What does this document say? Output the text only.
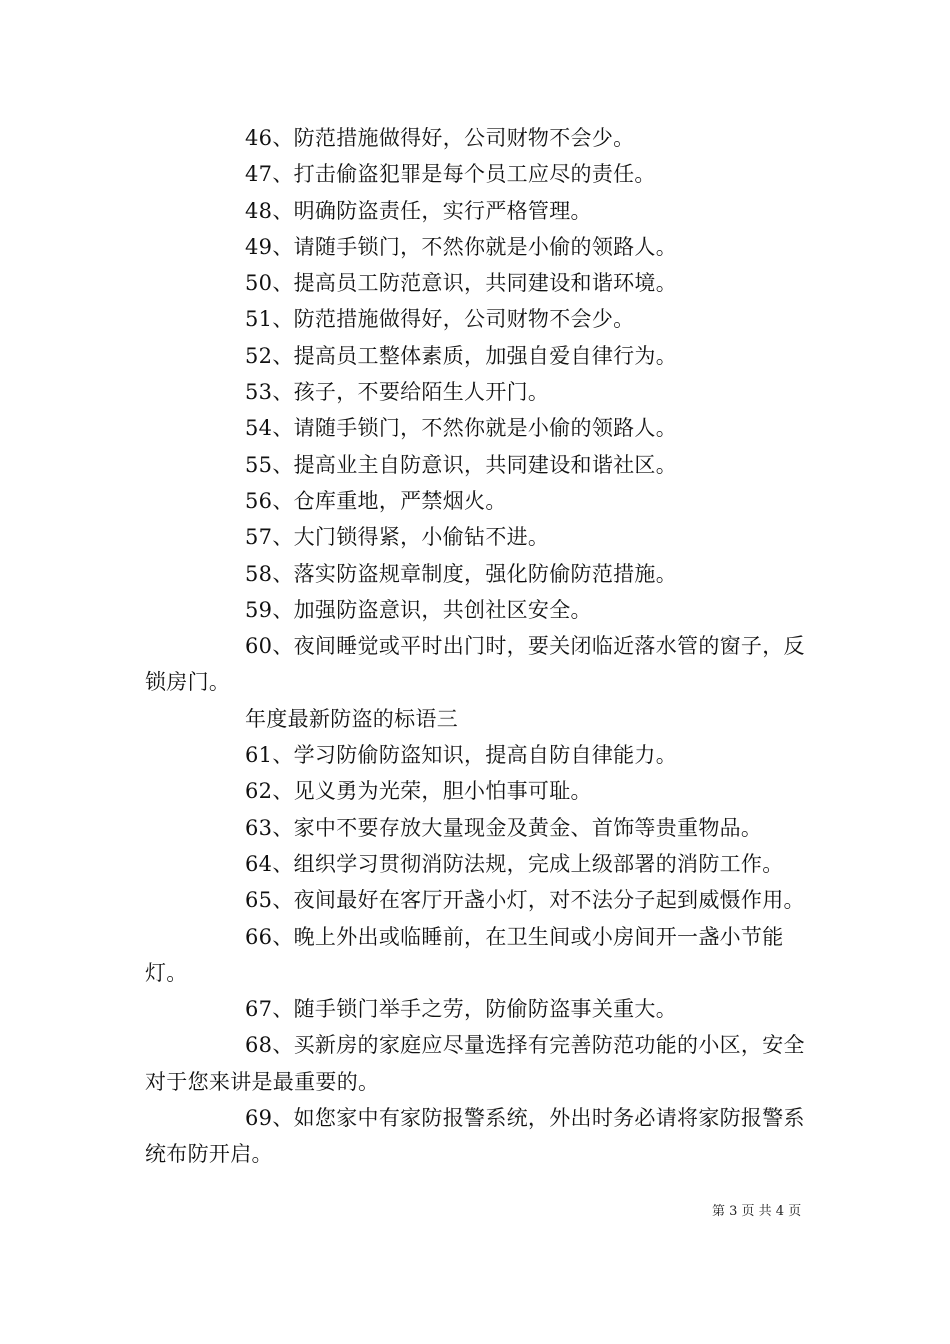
46、防范措施做得好，公司财物不会少。

47、打击偷盗犯罪是每个员工应尽的责任。

48、明确防盗责任，实行严格管理。

49、请随手锁门，不然你就是小偷的领路人。

50、提高员工防范意识，共同建设和谐环境。

51、防范措施做得好，公司财物不会少。

52、提高员工整体素质，加强自爱自律行为。

53、孩子，不要给陌生人开门。

54、请随手锁门，不然你就是小偷的领路人。

55、提高业主自防意识，共同建设和谐社区。

56、仓库重地，严禁烟火。

57、大门锁得紧，小偷钻不进。

58、落实防盗规章制度，强化防偷防范措施。

59、加强防盗意识，共创社区安全。

60、夜间睡觉或平时出门时，要关闭临近落水管的窗子，反锁房门。

年度最新防盗的标语三

61、学习防偷防盗知识，提高自防自律能力。

62、见义勇为光荣，胆小怕事可耻。

63、家中不要存放大量现金及黄金、首饰等贵重物品。

64、组织学习贯彻消防法规，完成上级部署的消防工作。

65、夜间最好在客厅开盏小灯，对不法分子起到威慑作用。

66、晚上外出或临睡前，在卫生间或小房间开一盏小节能灯。

67、随手锁门举手之劳，防偷防盗事关重大。

68、买新房的家庭应尽量选择有完善防范功能的小区，安全对于您来讲是最重要的。

69、如您家中有家防报警系统，外出时务必请将家防报警系统布防开启。

第 3 页 共 4 页
